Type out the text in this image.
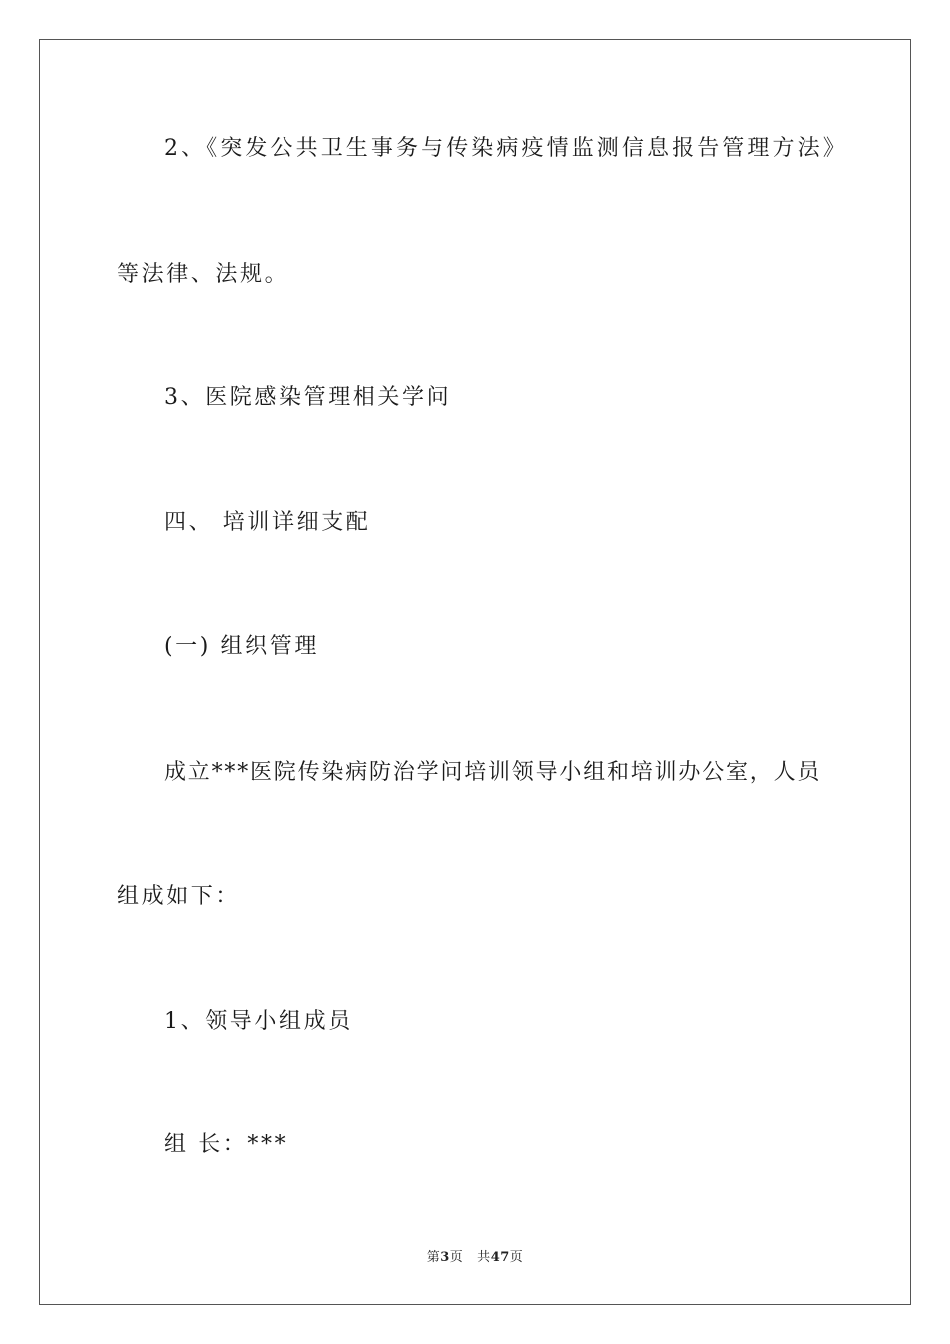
2、《突发公共卫生事务与传染病疫情监测信息报告管理方法》
等法律、法规。
3、医院感染管理相关学问
四、 培训详细支配
(一) 组织管理
成立***医院传染病防治学问培训领导小组和培训办公室，人员
组成如下：
1、领导小组成员
组 长：***
第3页 共47页
